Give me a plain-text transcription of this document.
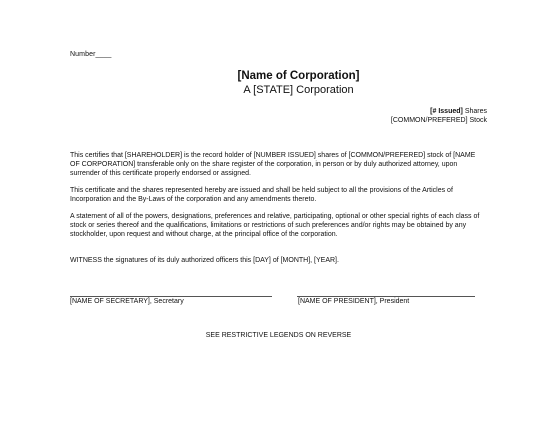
Number____
[Name of Corporation]
A [STATE] Corporation
[# Issued] Shares
[COMMON/PREFERED] Stock

This certifies that [SHAREHOLDER] is the record holder of [NUMBER ISSUED] shares of [COMMON/PREFERED] stock of [NAME OF CORPORATION] transferable only on the share register of the corporation, in person or by duly authorized attorney, upon surrender of this certificate properly endorsed or assigned.

This certificate and the shares represented hereby are issued and shall be held subject to all the provisions of the Articles of Incorporation and the By-Laws of the corporation and any amendments thereto.

A statement of all of the powers, designations, preferences and relative, participating, optional or other special rights of each class of stock or series thereof and the qualifications, limitations or restrictions of such preferences and/or rights may be obtained by any stockholder, upon request and without charge, at the principal office of the corporation.

WITNESS the signatures of its duly authorized officers this [DAY] of [MONTH], [YEAR].

[NAME OF SECRETARY], Secretary	[NAME OF PRESIDENT], President
SEE RESTRICTIVE LEGENDS ON REVERSE
